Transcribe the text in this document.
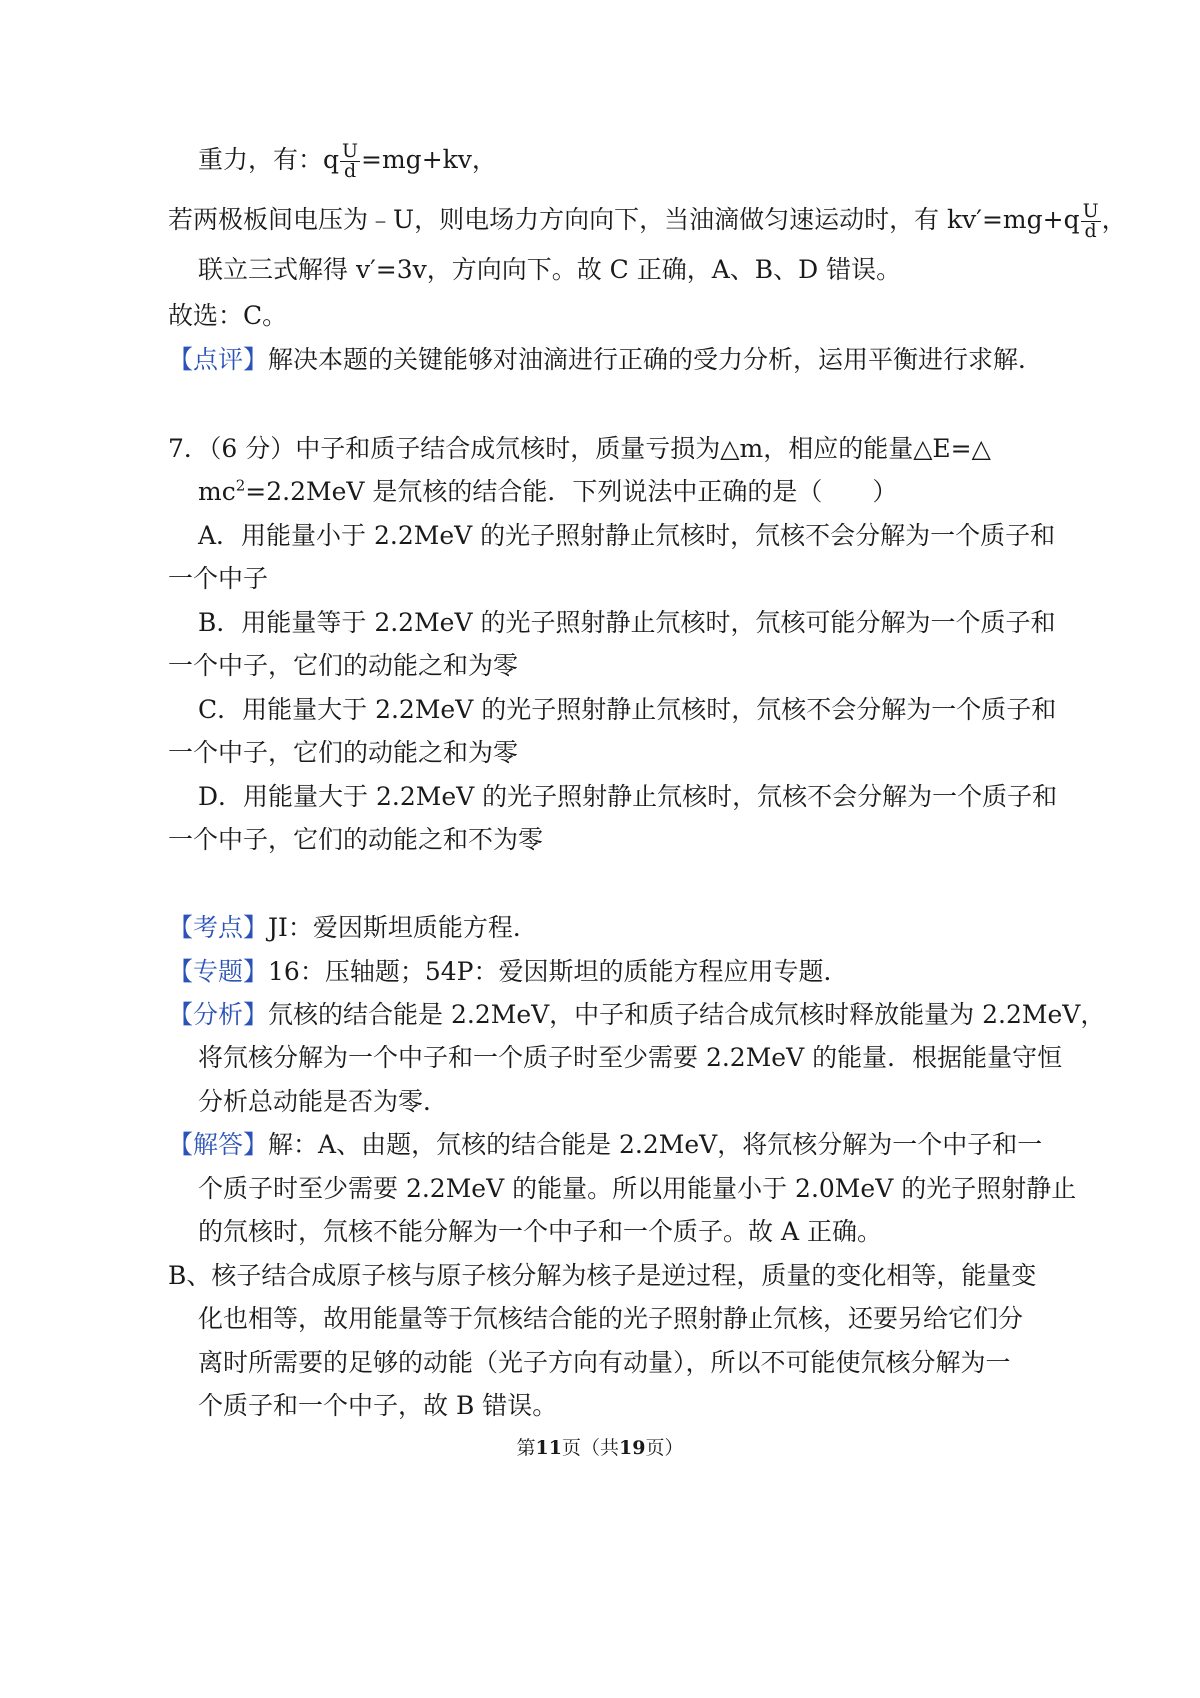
重力，有：q $\frac{U}{d} =mg+kv$，
若两极板间电压为﹣U，则电场力方向向下，当油滴做匀速运动时，有 $kv'=mg+q \frac{U}{d}$ ，
联立三式解得 v′=3v，方向向下。故 C 正确，A、B、D 错误。
故选：C。
【点评】解决本题的关键能够对油滴进行正确的受力分析，运用平衡进行求解．
7．（6 分）中子和质子结合成氘核时，质量亏损为△m，相应的能量△E=△
$mc^2=2.2MeV$ 是氘核的结合能．下列说法中正确的是（　　）
A．用能量小于 2.2MeV 的光子照射静止氘核时，氘核不会分解为一个质子和
一个中子
B．用能量等于 2.2MeV 的光子照射静止氘核时，氘核可能分解为一个质子和
一个中子，它们的动能之和为零
C．用能量大于 2.2MeV 的光子照射静止氘核时，氘核不会分解为一个质子和
一个中子，它们的动能之和为零
D．用能量大于 2.2MeV 的光子照射静止氘核时，氘核不会分解为一个质子和
一个中子，它们的动能之和不为零
【考点】JI：爱因斯坦质能方程．
【专题】16：压轴题；54P：爱因斯坦的质能方程应用专题．
【分析】氘核的结合能是 2.2MeV，中子和质子结合成氘核时释放能量为 2.2MeV，
将氘核分解为一个中子和一个质子时至少需要 2.2MeV 的能量．根据能量守恒
分析总动能是否为零．
【解答】解：A、由题，氘核的结合能是 2.2MeV，将氘核分解为一个中子和一
个质子时至少需要 2.2MeV 的能量。所以用能量小于 2.0MeV 的光子照射静止
的氘核时，氘核不能分解为一个中子和一个质子。故 A 正确。
B、核子结合成原子核与原子核分解为核子是逆过程，质量的变化相等，能量变
化也相等，故用能量等于氘核结合能的光子照射静止氘核，还要另给它们分
离时所需要的足够的动能（光子方向有动量），所以不可能使氘核分解为一
个质子和一个中子，故 B 错误。
第11页（共19页）
